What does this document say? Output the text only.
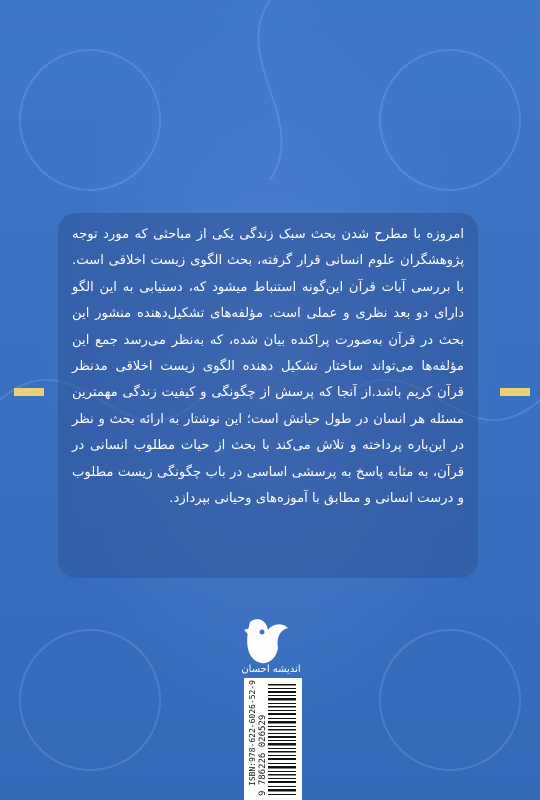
امروزه با مطرح شدن بحث سبک زندگی یکی از مباحثی که مورد توجه پژوهشگران علوم انسانی قرار گرفته، بحث الگوی زیست اخلاقی است. با بررسی آیات قرآن این‌گونه استنباط میشود که، دستیابی به این الگو دارای دو بعد نظری و عملی است. مؤلفه‌های تشکیل‌دهنده منشور این بحث در قرآن به‌صورت پراکنده بیان شده، که به‌نظر می‌رسد جمع این مؤلفه‌ها می‌تواند ساختار تشکیل دهنده الگوی زیست اخلاقی مدنظر قرآن کریم باشد.از آنجا که پرسش از چگونگی و کیفیت زندگی مهمترین مسئله هر انسان در طول حیاتش است؛ این نوشتار به ارائه بحث و نظر در این‌باره پرداخته و تلاش می‌کند با بحث از حیات مطلوب انسانی در قرآن، به مثابه پاسخ به پرسشی اساسی در باب چگونگی زیست مطلوب و درست انسانی و مطابق با آموزه‌های وحیانی بپردازد.
اندیشه احسان
ISBN:978-622-6026-52-9 9 786226 026529
